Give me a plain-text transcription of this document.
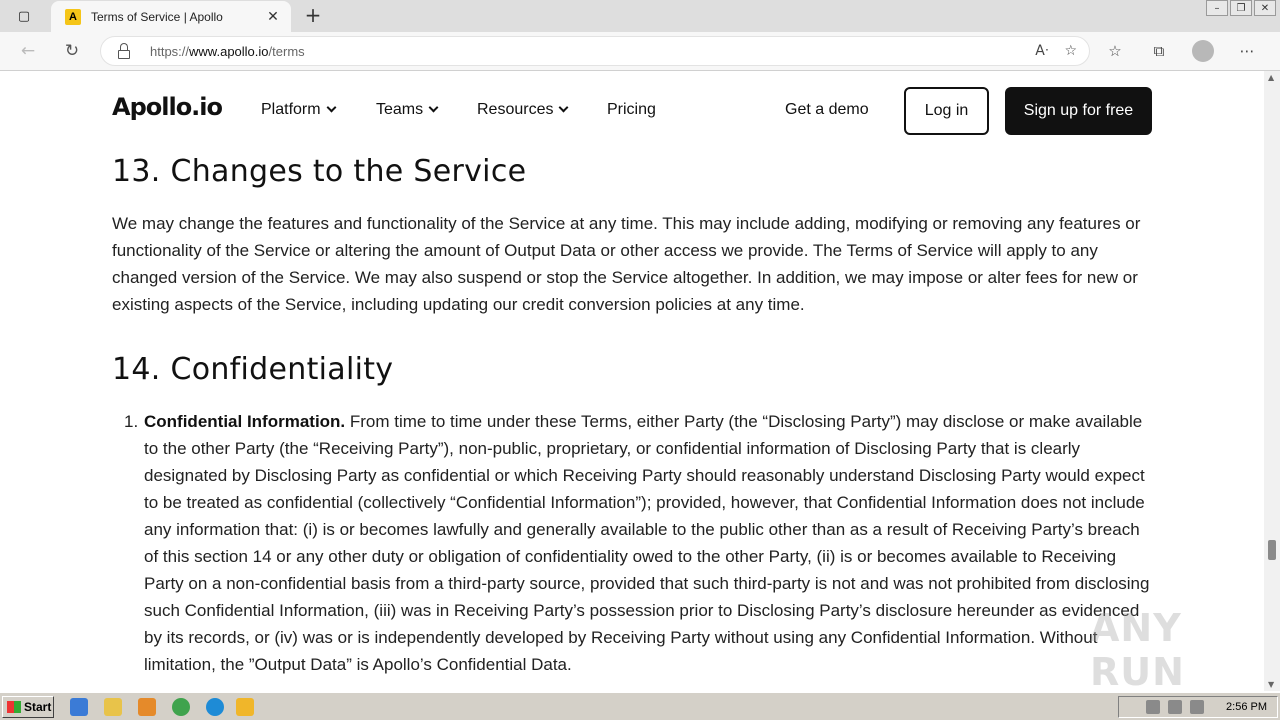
▢	A	Terms of Service | Apollo	✕ +	–	❐	✕
← ↻	https://www.apollo.io/terms	Aᐧ ☆ ☆	⧉	⋯
Apollo.io Platform	Teams	Resources	Pricing	Get a demo	Log in	Sign up for free
13. Changes to the Service
We may change the features and functionality of the Service at any time. This may include adding, modifying or removing any features or functionality of the Service or altering the amount of Output Data or other access we provide. The Terms of Service will apply to any changed version of the Service. We may also suspend or stop the Service altogether. In addition, we may impose or alter fees for new or existing aspects of the Service, including updating our credit conversion policies at any time.
14. Confidentiality
1. Confidential Information. From time to time under these Terms, either Party (the “Disclosing Party”) may disclose or make available to the other Party (the “Receiving Party”), non-public, proprietary, or confidential information of Disclosing Party that is clearly designated by Disclosing Party as confidential or which Receiving Party should reasonably understand Disclosing Party would expect to be treated as confidential (collectively “Confidential Information”); provided, however, that Confidential Information does not include any information that: (i) is or becomes lawfully and generally available to the public other than as a result of Receiving Party’s breach of this section 14 or any other duty or obligation of confidentiality owed to the other Party, (ii) is or becomes available to Receiving Party on a non-confidential basis from a third-party source, provided that such third-party is not and was not prohibited from disclosing such Confidential Information, (iii) was in Receiving Party’s possession prior to Disclosing Party’s disclosure hereunder as evidenced by its records, or (iv) was or is independently developed by Receiving Party without using any Confidential Information. Without limitation, the ”Output Data” is Apollo’s Confidential Data.
ANY RUN
▲
▼
Start	2:56 PM
